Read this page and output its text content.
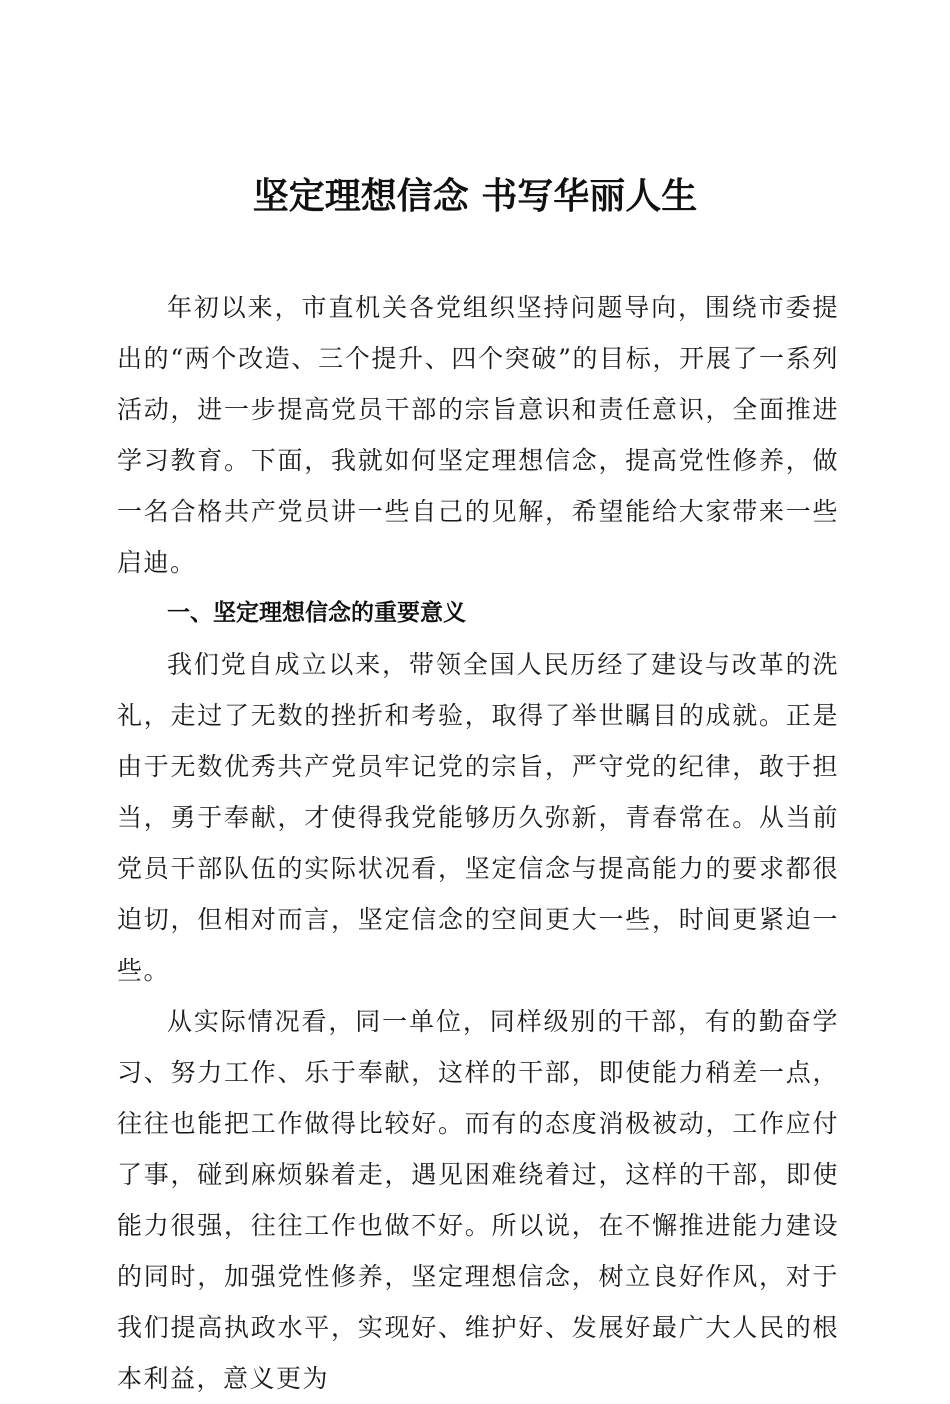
坚定理想信念 书写华丽人生

年初以来，市直机关各党组织坚持问题导向，围绕市委提出的“两个改造、三个提升、四个突破”的目标，开展了一系列活动，进一步提高党员干部的宗旨意识和责任意识，全面推进学习教育。下面，我就如何坚定理想信念，提高党性修养，做一名合格共产党员讲一些自己的见解，希望能给大家带来一些启迪。

一、坚定理想信念的重要意义

我们党自成立以来，带领全国人民历经了建设与改革的洗礼，走过了无数的挫折和考验，取得了举世瞩目的成就。正是由于无数优秀共产党员牢记党的宗旨，严守党的纪律，敢于担当，勇于奉献，才使得我党能够历久弥新，青春常在。从当前党员干部队伍的实际状况看，坚定信念与提高能力的要求都很迫切，但相对而言，坚定信念的空间更大一些，时间更紧迫一些。

从实际情况看，同一单位，同样级别的干部，有的勤奋学习、努力工作、乐于奉献，这样的干部，即使能力稍差一点，往往也能把工作做得比较好。而有的态度消极被动，工作应付了事，碰到麻烦躲着走，遇见困难绕着过，这样的干部，即使能力很强，往往工作也做不好。所以说，在不懈推进能力建设的同时，加强党性修养，坚定理想信念，树立良好作风，对于我们提高执政水平，实现好、维护好、发展好最广大人民的根本利益，意义更为
